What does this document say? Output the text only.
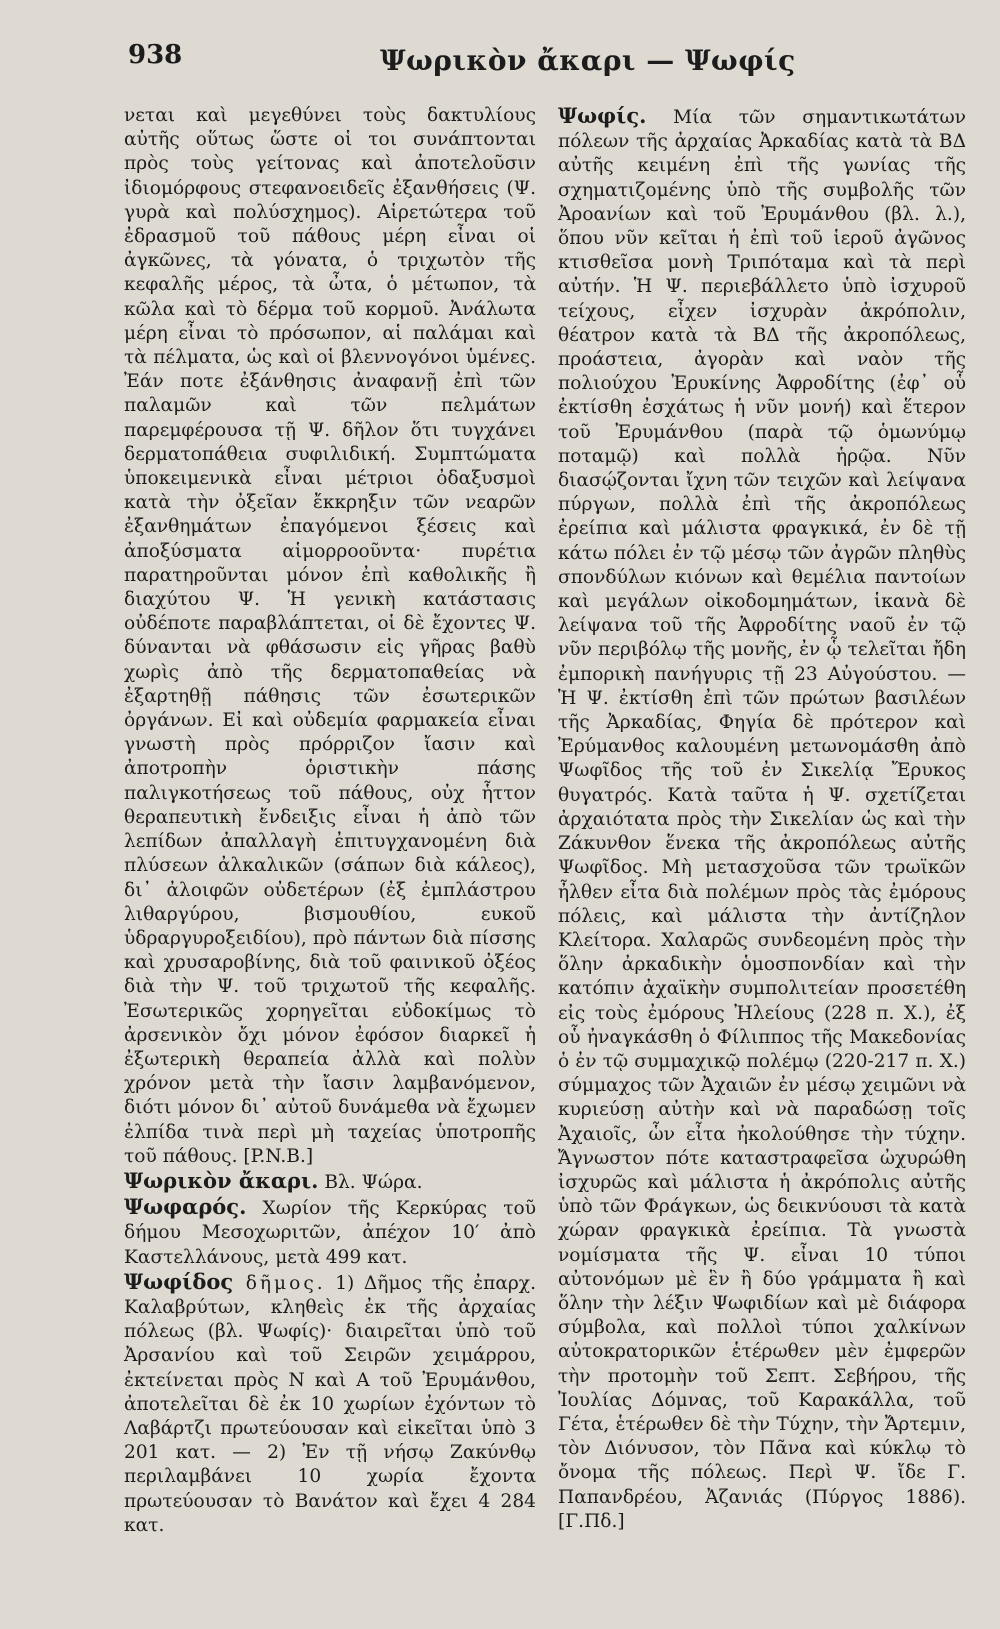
938	Ψωρικὸν ἄκαρι — Ψωφίς

νεται καὶ μεγεθύνει τοὺς δακτυλίους αὐτῆς οὕτως ὥστε οἱ τοι συνάπτονται πρὸς τοὺς γείτονας καὶ ἀποτελοῦσιν ἰδιομόρφους στεφανοειδεῖς ἐξανθήσεις (Ψ. γυρὰ καὶ πολύσχημος). Αἱρετώτερα τοῦ ἐδρασμοῦ τοῦ πάθους μέρη εἶναι οἱ ἀγκῶνες, τὰ γόνατα, ὁ τριχωτὸν τῆς κεφαλῆς μέρος, τὰ ὦτα, ὁ μέτωπον, τὰ κῶλα καὶ τὸ δέρμα τοῦ κορμοῦ. Ἀνάλωτα μέρη εἶναι τὸ πρόσωπον, αἱ παλάμαι καὶ τὰ πέλματα, ὡς καὶ οἱ βλεννογόνοι ὑμένες. Ἐάν ποτε ἐξάνθησις ἀναφανῇ ἐπὶ τῶν παλαμῶν καὶ τῶν πελμάτων παρεμφέρουσα τῇ Ψ. δῆλον ὅτι τυγχάνει δερματοπάθεια συφιλιδική. Συμπτώματα ὑποκειμενικὰ εἶναι μέτριοι ὀδαξυσμοὶ κατὰ τὴν ὀξεῖαν ἔκκρηξιν τῶν νεαρῶν ἐξανθημάτων ἐπαγόμενοι ξέσεις καὶ ἀποξύσματα αἱμορροοῦντα· πυρέτια παρατηροῦνται μόνον ἐπὶ καθολικῆς ἢ διαχύτου Ψ. Ἡ γενικὴ κατάστασις οὐδέποτε παραβλάπτεται, οἱ δὲ ἔχοντες Ψ. δύνανται νὰ φθάσωσιν εἰς γῆρας βαθὺ χωρὶς ἀπὸ τῆς δερματοπαθείας νὰ ἐξαρτηθῇ πάθησις τῶν ἐσωτερικῶν ὀργάνων. Εἰ καὶ οὐδεμία φαρμακεία εἶναι γνωστὴ πρὸς πρόρριζον ἴασιν καὶ ἀποτροπὴν ὁριστικὴν πάσης παλιγκοτήσεως τοῦ πάθους, οὐχ ἧττον θεραπευτικὴ ἔνδειξις εἶναι ἡ ἀπὸ τῶν λεπίδων ἀπαλλαγὴ ἐπιτυγχανομένη διὰ πλύσεων ἀλκαλικῶν (σάπων διὰ κάλεος), δι᾽ ἀλοιφῶν οὐδετέρων (ἐξ ἐμπλάστρου λιθαργύρου, βισμουθίου, ευκοῦ ὑδραργυροξειδίου), πρὸ πάντων διὰ πίσσης καὶ χρυσαροβίνης, διὰ τοῦ φαινικοῦ ὀξέος διὰ τὴν Ψ. τοῦ τριχωτοῦ τῆς κεφαλῆς. Ἐσωτερικῶς χορηγεῖται εὐδοκίμως τὸ ἀρσενικὸν ὄχι μόνον ἐφόσον διαρκεῖ ἡ ἐξωτερικὴ θεραπεία ἀλλὰ καὶ πολὺν χρόνον μετὰ τὴν ἴασιν λαμβανόμενον, διότι μόνον δι᾽ αὐτοῦ δυνάμεθα νὰ ἔχωμεν ἐλπίδα τινὰ περὶ μὴ ταχείας ὑποτροπῆς τοῦ πάθους. [P.N.B.]

Ψωρικὸν ἄκαρι. Βλ. Ψώρα.

Ψωφαρός. Χωρίον τῆς Κερκύρας τοῦ δήμου Μεσοχωριτῶν, ἀπέχον 10′ ἀπὸ Καστελλάνους, μετὰ 499 κατ.

Ψωφίδος δῆμος. 1) Δῆμος τῆς ἐπαρχ. Καλαβρύτων, κληθεὶς ἐκ τῆς ἀρχαίας πόλεως (βλ. Ψωφίς)· διαιρεῖται ὑπὸ τοῦ Ἀρσανίου καὶ τοῦ Σειρῶν χειμάρρου, ἐκτείνεται πρὸς Ν καὶ Α τοῦ Ἐρυμάνθου, ἀποτελεῖται δὲ ἐκ 10 χωρίων ἐχόντων τὸ Λαβάρτζι πρωτεύουσαν καὶ εἰκεῖται ὑπὸ 3 201 κατ. — 2) Ἐν τῇ νήσῳ Ζακύνθῳ περιλαμβάνει 10 χωρία ἔχοντα πρωτεύουσαν τὸ Βανάτον καὶ ἔχει 4 284 κατ.

Ψωφίς. Μία τῶν σημαντικωτάτων πόλεων τῆς ἀρχαίας Ἀρκαδίας κατὰ τὰ ΒΔ αὐτῆς κειμένη ἐπὶ τῆς γωνίας τῆς σχηματιζομένης ὑπὸ τῆς συμβολῆς τῶν Ἀροανίων καὶ τοῦ Ἐρυμάνθου (βλ. λ.), ὅπου νῦν κεῖται ἡ ἐπὶ τοῦ ἱεροῦ ἀγῶνος κτισθεῖσα μονὴ Τριπόταμα καὶ τὰ περὶ αὐτήν. Ἡ Ψ. περιεβάλλετο ὑπὸ ἰσχυροῦ τείχους, εἶχεν ἰσχυρὰν ἀκρόπολιν, θέατρον κατὰ τὰ ΒΔ τῆς ἀκροπόλεως, προάστεια, ἀγορὰν καὶ ναὸν τῆς πολιούχου Ἐρυκίνης Ἀφροδίτης (ἐφ᾽ οὗ ἐκτίσθη ἐσχάτως ἡ νῦν μονή) καὶ ἕτερον τοῦ Ἐρυμάνθου (παρὰ τῷ ὁμωνύμῳ ποταμῷ) καὶ πολλὰ ἡρῷα. Νῦν διασῴζονται ἴχνη τῶν τειχῶν καὶ λείψανα πύργων, πολλὰ ἐπὶ τῆς ἀκροπόλεως ἐρείπια καὶ μάλιστα φραγκικά, ἐν δὲ τῇ κάτω πόλει ἐν τῷ μέσῳ τῶν ἀγρῶν πληθὺς σπονδύλων κιόνων καὶ θεμέλια παντοίων καὶ μεγάλων οἰκοδομημάτων, ἱκανὰ δὲ λείψανα τοῦ τῆς Ἀφροδίτης ναοῦ ἐν τῷ νῦν περιβόλῳ τῆς μονῆς, ἐν ᾧ τελεῖται ἤδη ἐμπορικὴ πανήγυρις τῇ 23 Αὐγούστου. — Ἡ Ψ. ἐκτίσθη ἐπὶ τῶν πρώτων βασιλέων τῆς Ἀρκαδίας, Φηγία δὲ πρότερον καὶ Ἐρύμανθος καλουμένη μετωνομάσθη ἀπὸ Ψωφῖδος τῆς τοῦ ἐν Σικελίᾳ Ἔρυκος θυγατρός. Κατὰ ταῦτα ἡ Ψ. σχετίζεται ἀρχαιότατα πρὸς τὴν Σικελίαν ὡς καὶ τὴν Ζάκυνθον ἕνεκα τῆς ἀκροπόλεως αὐτῆς Ψωφῖδος. Μὴ μετασχοῦσα τῶν τρωϊκῶν ἦλθεν εἶτα διὰ πολέμων πρὸς τὰς ἐμόρους πόλεις, καὶ μάλιστα τὴν ἀντίζηλον Κλείτορα. Χαλαρῶς συνδεομένη πρὸς τὴν ὅλην ἀρκαδικὴν ὁμοσπονδίαν καὶ τὴν κατόπιν ἀχαϊκὴν συμπολιτείαν προσετέθη εἰς τοὺς ἐμόρους Ἠλείους (228 π. Χ.), ἐξ οὗ ἠναγκάσθη ὁ Φίλιππος τῆς Μακεδονίας ὁ ἐν τῷ συμμαχικῷ πολέμῳ (220-217 π. Χ.) σύμμαχος τῶν Ἀχαιῶν ἐν μέσῳ χειμῶνι νὰ κυριεύσῃ αὐτὴν καὶ νὰ παραδώσῃ τοῖς Ἀχαιοῖς, ὧν εἶτα ἠκολούθησε τὴν τύχην. Ἄγνωστον πότε καταστραφεῖσα ὠχυρώθη ἰσχυρῶς καὶ μάλιστα ἡ ἀκρόπολις αὐτῆς ὑπὸ τῶν Φράγκων, ὡς δεικνύουσι τὰ κατὰ χώραν φραγκικὰ ἐρείπια. Τὰ γνωστὰ νομίσματα τῆς Ψ. εἶναι 10 τύποι αὐτονόμων μὲ ἓν ἢ δύο γράμματα ἢ καὶ ὅλην τὴν λέξιν Ψωφιδίων καὶ μὲ διάφορα σύμβολα, καὶ πολλοὶ τύποι χαλκίνων αὐτοκρατορικῶν ἑτέρωθεν μὲν ἐμφερῶν τὴν προτομὴν τοῦ Σεπτ. Σεβήρου, τῆς Ἰουλίας Δόμνας, τοῦ Καρακάλλα, τοῦ Γέτα, ἑτέρωθεν δὲ τὴν Τύχην, τὴν Ἄρτεμιν, τὸν Διόνυσον, τὸν Πᾶνα καὶ κύκλῳ τὸ ὄνομα τῆς πόλεως. Περὶ Ψ. ἴδε Γ. Παπανδρέου, Ἀζανιάς (Πύργος 1886). [Γ.Πδ.]
